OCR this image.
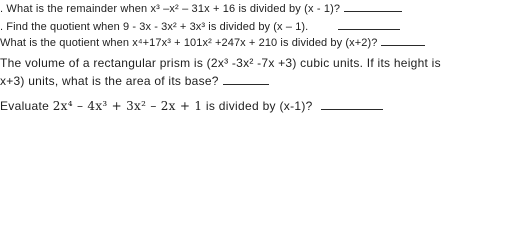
. What is the remainder when x³ –x² – 31x + 16 is divided by (x - 1)?
. Find the quotient when 9 - 3x - 3x² + 3x³ is divided by (x – 1).
What is the quotient when x⁴+17x³ + 101x² +247x + 210 is divided by (x+2)?
The volume of a rectangular prism is (2x³ -3x² -7x +3) cubic units. If its height is
x+3) units, what is the area of its base?
Evaluate 2x⁴ – 4x³ + 3x² – 2x + 1 is divided by (x-1)?
